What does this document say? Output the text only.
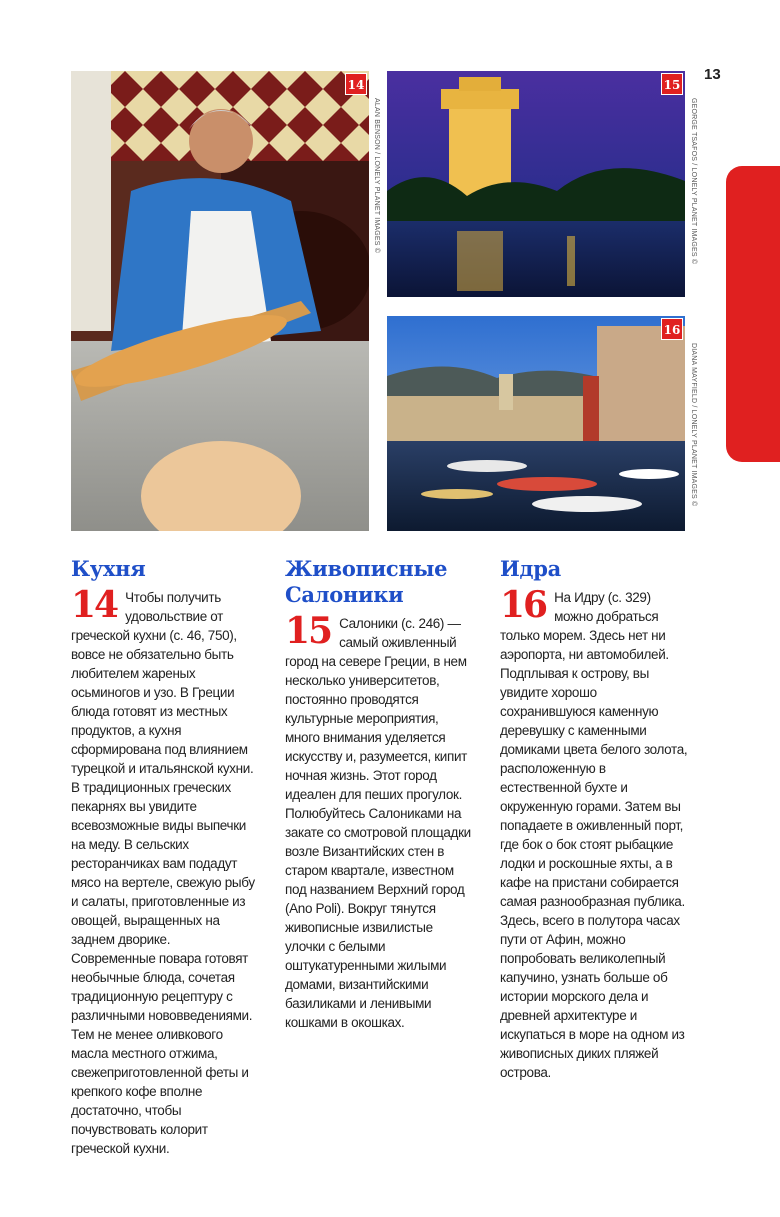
13
14
ALAN BENSON / LONELY PLANET IMAGES ©
15
GEORGE TSAFOS / LONELY PLANET IMAGES ©
16
DIANA MAYFIELD / LONELY PLANET IMAGES ©
Кухня

14 Чтобы получить удовольствие от греческой кухни (с. 46, 750), вовсе не обязательно быть любителем жареных осьминогов и узо. В Греции блюда готовят из местных продуктов, а кухня сформирована под влиянием турецкой и итальянской кухни. В традиционных греческих пекарнях вы увидите всевозможные виды выпечки на меду. В сельских ресторанчиках вам подадут мясо на вертеле, свежую рыбу и салаты, приготовленные из овощей, выращенных на заднем дворике. Современные повара готовят необычные блюда, сочетая традиционную рецептуру с различными нововведениями. Тем не менее оливкового масла местного отжима, свежеприготовленной феты и крепкого кофе вполне достаточно, чтобы почувствовать колорит греческой кухни.

Живописные Салоники

15 Салоники (с. 246) — самый оживленный город на севере Греции, в нем несколько университетов, постоянно проводятся культурные мероприятия, много внимания уделяется искусству и, разумеется, кипит ночная жизнь. Этот город идеален для пеших прогулок. Полюбуйтесь Салониками на закате со смотровой площадки возле Византийских стен в старом квартале, известном под названием Верхний город (Ano Poli). Вокруг тянутся живописные извилистые улочки с белыми оштукатуренными жилыми домами, византийскими базиликами и ленивыми кошками в окошках.

Идра

16 На Идру (с. 329) можно добраться только морем. Здесь нет ни аэропорта, ни автомобилей. Подплывая к острову, вы увидите хорошо сохранившуюся каменную деревушку с каменными домиками цвета белого золота, расположенную в естественной бухте и окруженную горами. Затем вы попадаете в оживленный порт, где бок о бок стоят рыбацкие лодки и роскошные яхты, а в кафе на пристани собирается самая разнообразная публика. Здесь, всего в полутора часах пути от Афин, можно попробовать великолепный капучино, узнать больше об истории морского дела и древней архитектуре и искупаться в море на одном из живописных диких пляжей острова.
